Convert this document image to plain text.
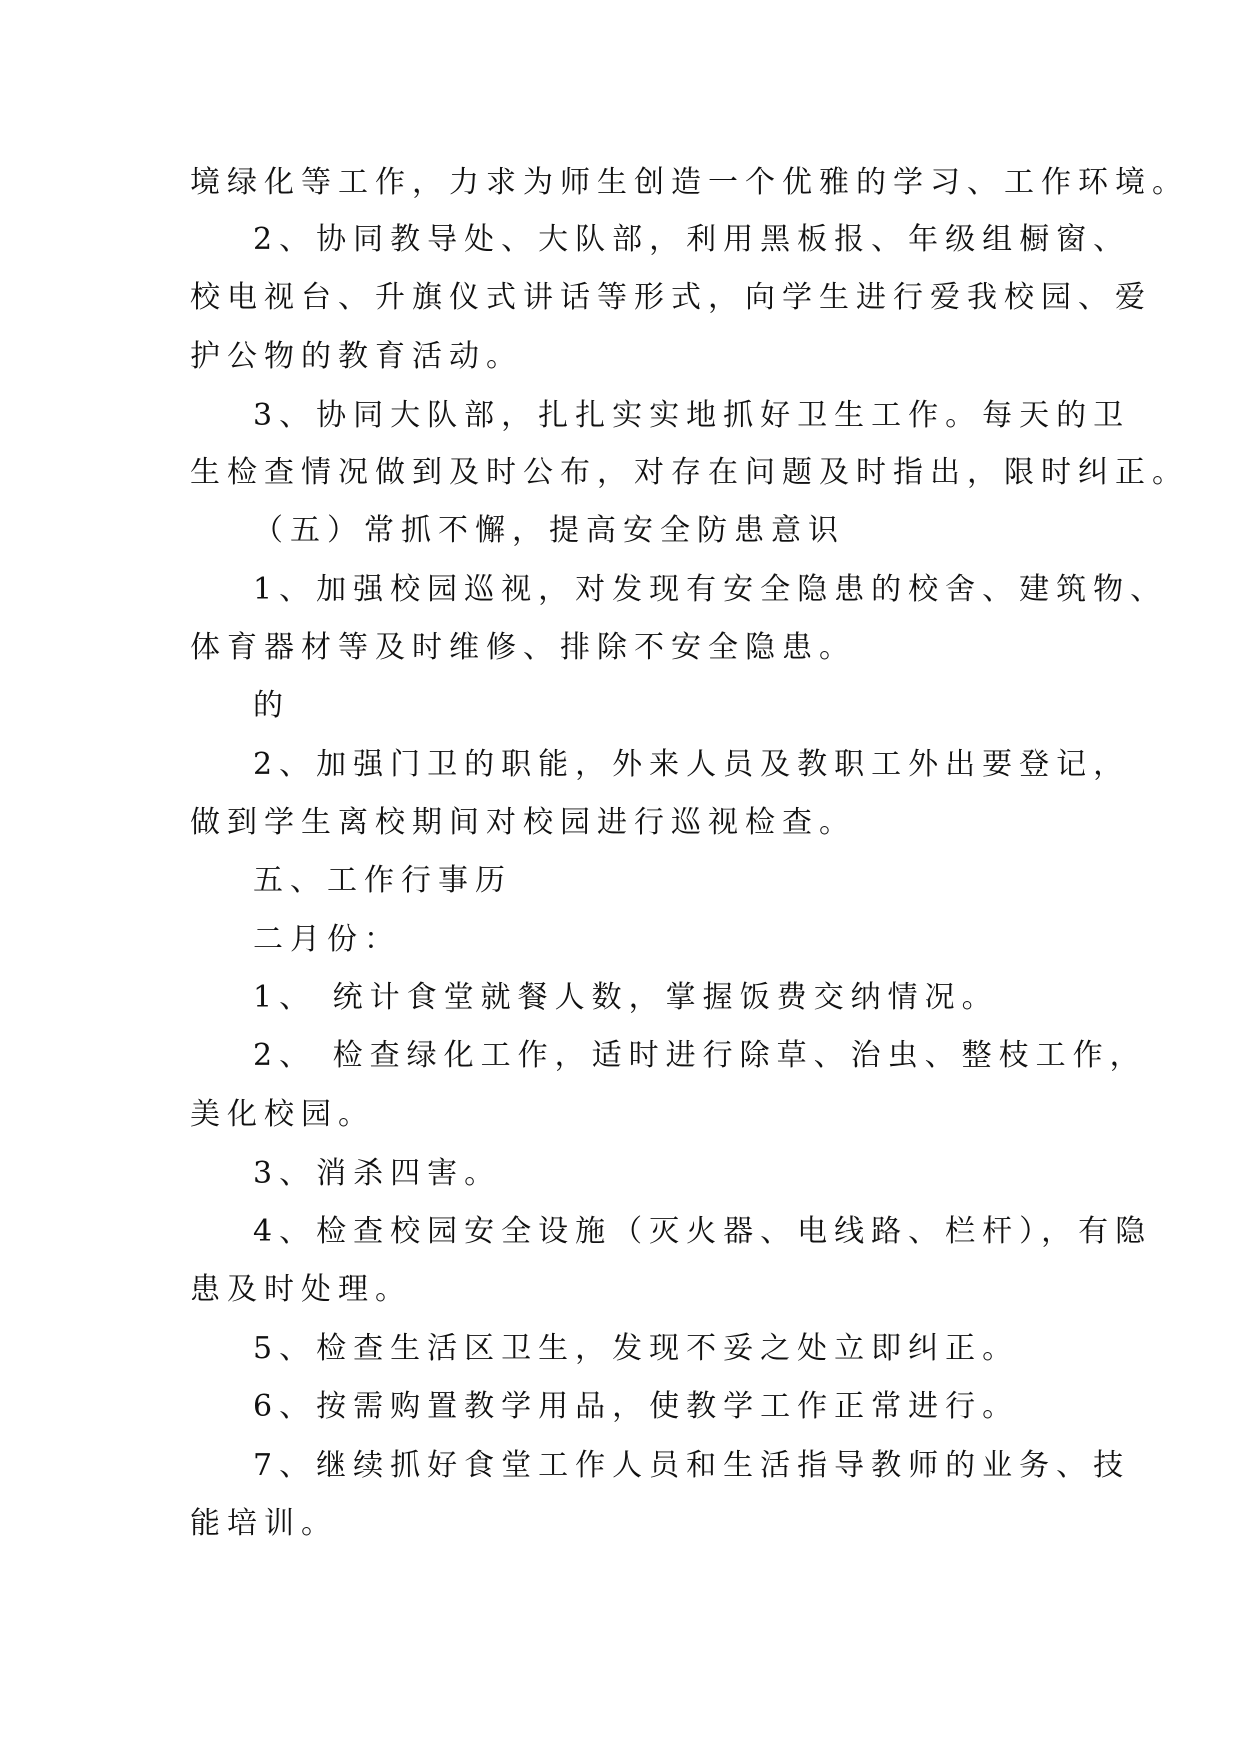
境绿化等工作，力求为师生创造一个优雅的学习、工作环境。
2、协同教导处、大队部，利用黑板报、年级组橱窗、
校电视台、升旗仪式讲话等形式，向学生进行爱我校园、爱
护公物的教育活动。
3、协同大队部，扎扎实实地抓好卫生工作。每天的卫
生检查情况做到及时公布，对存在问题及时指出，限时纠正。
（五）常抓不懈，提高安全防患意识
1、加强校园巡视，对发现有安全隐患的校舍、建筑物、
体育器材等及时维修、排除不安全隐患。
的
2、加强门卫的职能，外来人员及教职工外出要登记，
做到学生离校期间对校园进行巡视检查。
五、工作行事历
二月份：
1、 统计食堂就餐人数，掌握饭费交纳情况。
2、 检查绿化工作，适时进行除草、治虫、整枝工作，
美化校园。
3、消杀四害。
4、检查校园安全设施（灭火器、电线路、栏杆），有隐
患及时处理。
5、检查生活区卫生，发现不妥之处立即纠正。
6、按需购置教学用品，使教学工作正常进行。
7、继续抓好食堂工作人员和生活指导教师的业务、技
能培训。
